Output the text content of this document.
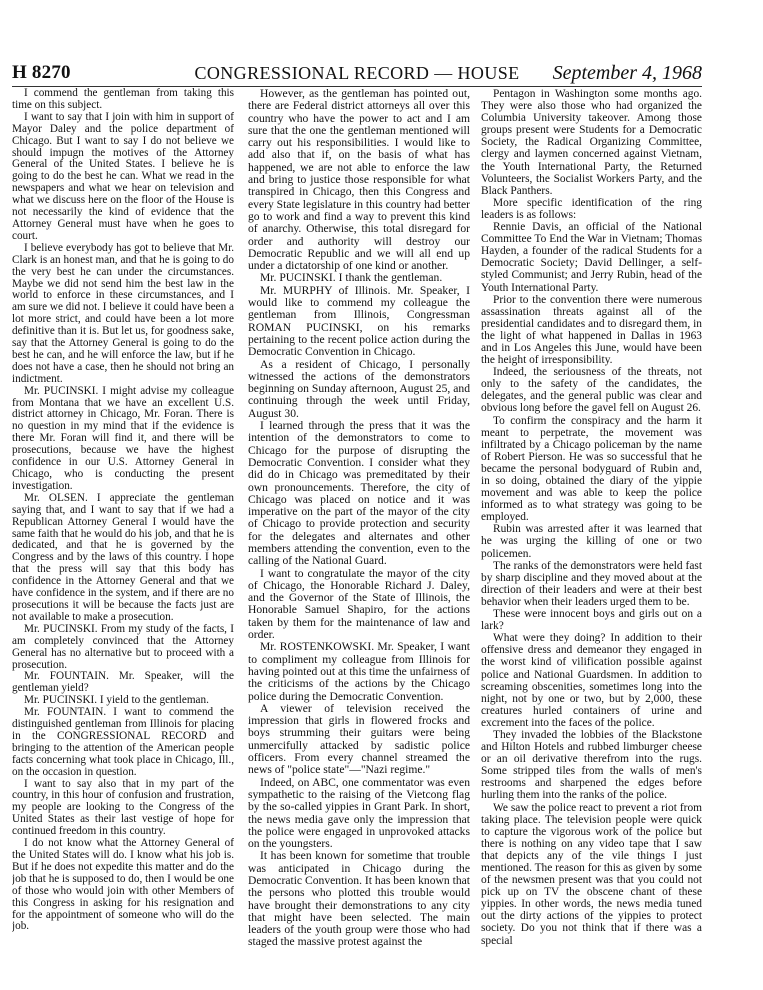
H 8270	CONGRESSIONAL RECORD — HOUSE	September 4, 1968

I commend the gentleman from taking this time on this subject.

I want to say that I join with him in support of Mayor Daley and the police department of Chicago. But I want to say I do not believe we should impugn the motives of the Attorney General of the United States. I believe he is going to do the best he can. What we read in the newspapers and what we hear on television and what we discuss here on the floor of the House is not necessarily the kind of evidence that the Attorney General must have when he goes to court.

I believe everybody has got to believe that Mr. Clark is an honest man, and that he is going to do the very best he can under the circumstances. Maybe we did not send him the best law in the world to enforce in these circumstances, and I am sure we did not. I believe it could have been a lot more strict, and could have been a lot more definitive than it is. But let us, for goodness sake, say that the Attorney General is going to do the best he can, and he will enforce the law, but if he does not have a case, then he should not bring an indictment.

Mr. PUCINSKI. I might advise my colleague from Montana that we have an excellent U.S. district attorney in Chicago, Mr. Foran. There is no question in my mind that if the evidence is there Mr. Foran will find it, and there will be prosecutions, because we have the highest confidence in our U.S. Attorney General in Chicago, who is conducting the present investigation.

Mr. OLSEN. I appreciate the gentleman saying that, and I want to say that if we had a Republican Attorney General I would have the same faith that he would do his job, and that he is dedicated, and that he is governed by the Congress and by the laws of this country. I hope that the press will say that this body has confidence in the Attorney General and that we have confidence in the system, and if there are no prosecutions it will be because the facts just are not available to make a prosecution.

Mr. PUCINSKI. From my study of the facts, I am completely convinced that the Attorney General has no alternative but to proceed with a prosecution.

Mr. FOUNTAIN. Mr. Speaker, will the gentleman yield?

Mr. PUCINSKI. I yield to the gentleman.

Mr. FOUNTAIN. I want to commend the distinguished gentleman from Illinois for placing in the CONGRESSIONAL RECORD and bringing to the attention of the American people facts concerning what took place in Chicago, Ill., on the occasion in question.

I want to say also that in my part of the country, in this hour of confusion and frustration, my people are looking to the Congress of the United States as their last vestige of hope for continued freedom in this country.

I do not know what the Attorney General of the United States will do. I know what his job is. But if he does not expedite this matter and do the job that he is supposed to do, then I would be one of those who would join with other Members of this Congress in asking for his resignation and for the appointment of someone who will do the job.

However, as the gentleman has pointed out, there are Federal district attorneys all over this country who have the power to act and I am sure that the one the gentleman mentioned will carry out his responsibilities. I would like to add also that if, on the basis of what has happened, we are not able to enforce the law and bring to justice those responsible for what transpired in Chicago, then this Congress and every State legislature in this country had better go to work and find a way to prevent this kind of anarchy. Otherwise, this total disregard for order and authority will destroy our Democratic Republic and we will all end up under a dictatorship of one kind or another.

Mr. PUCINSKI. I thank the gentleman.

Mr. MURPHY of Illinois. Mr. Speaker, I would like to commend my colleague the gentleman from Illinois, Congressman ROMAN PUCINSKI, on his remarks pertaining to the recent police action during the Democratic Convention in Chicago.

As a resident of Chicago, I personally witnessed the actions of the demonstrators beginning on Sunday afternoon, August 25, and continuing through the week until Friday, August 30.

I learned through the press that it was the intention of the demonstrators to come to Chicago for the purpose of disrupting the Democratic Convention. I consider what they did do in Chicago was premeditated by their own pronouncements. Therefore, the city of Chicago was placed on notice and it was imperative on the part of the mayor of the city of Chicago to provide protection and security for the delegates and alternates and other members attending the convention, even to the calling of the National Guard.

I want to congratulate the mayor of the city of Chicago, the Honorable Richard J. Daley, and the Governor of the State of Illinois, the Honorable Samuel Shapiro, for the actions taken by them for the maintenance of law and order.

Mr. ROSTENKOWSKI. Mr. Speaker, I want to compliment my colleague from Illinois for having pointed out at this time the unfairness of the criticisms of the actions by the Chicago police during the Democratic Convention.

A viewer of television received the impression that girls in flowered frocks and boys strumming their guitars were being unmercifully attacked by sadistic police officers. From every channel streamed the news of "police state"—"Nazi regime."

Indeed, on ABC, one commentator was even sympathetic to the raising of the Vietcong flag by the so-called yippies in Grant Park. In short, the news media gave only the impression that the police were engaged in unprovoked attacks on the youngsters.

It has been known for sometime that trouble was anticipated in Chicago during the Democratic Convention. It has been known that the persons who plotted this trouble would have brought their demonstrations to any city that might have been selected. The main leaders of the youth group were those who had staged the massive protest against the

Pentagon in Washington some months ago. They were also those who had organized the Columbia University takeover. Among those groups present were Students for a Democratic Society, the Radical Organizing Committee, clergy and laymen concerned against Vietnam, the Youth International Party, the Returned Volunteers, the Socialist Workers Party, and the Black Panthers.

More specific identification of the ring leaders is as follows:

Rennie Davis, an official of the National Committee To End the War in Vietnam; Thomas Hayden, a founder of the radical Students for a Democratic Society; David Dellinger, a self-styled Communist; and Jerry Rubin, head of the Youth International Party.

Prior to the convention there were numerous assassination threats against all of the presidential candidates and to disregard them, in the light of what happened in Dallas in 1963 and in Los Angeles this June, would have been the height of irresponsibility.

Indeed, the seriousness of the threats, not only to the safety of the candidates, the delegates, and the general public was clear and obvious long before the gavel fell on August 26.

To confirm the conspiracy and the harm it meant to perpetrate, the movement was infiltrated by a Chicago policeman by the name of Robert Pierson. He was so successful that he became the personal bodyguard of Rubin and, in so doing, obtained the diary of the yippie movement and was able to keep the police informed as to what strategy was going to be employed.

Rubin was arrested after it was learned that he was urging the killing of one or two policemen.

The ranks of the demonstrators were held fast by sharp discipline and they moved about at the direction of their leaders and were at their best behavior when their leaders urged them to be.

These were innocent boys and girls out on a lark?

What were they doing? In addition to their offensive dress and demeanor they engaged in the worst kind of vilification possible against police and National Guardsmen. In addition to screaming obscenities, sometimes long into the night, not by one or two, but by 2,000, these creatures hurled containers of urine and excrement into the faces of the police.

They invaded the lobbies of the Blackstone and Hilton Hotels and rubbed limburger cheese or an oil derivative therefrom into the rugs. Some stripped tiles from the walls of men's restrooms and sharpened the edges before hurling them into the ranks of the police.

We saw the police react to prevent a riot from taking place. The television people were quick to capture the vigorous work of the police but there is nothing on any video tape that I saw that depicts any of the vile things I just mentioned. The reason for this as given by some of the newsmen present was that you could not pick up on TV the obscene chant of these yippies. In other words, the news media tuned out the dirty actions of the yippies to protect society. Do you not think that if there was a special
